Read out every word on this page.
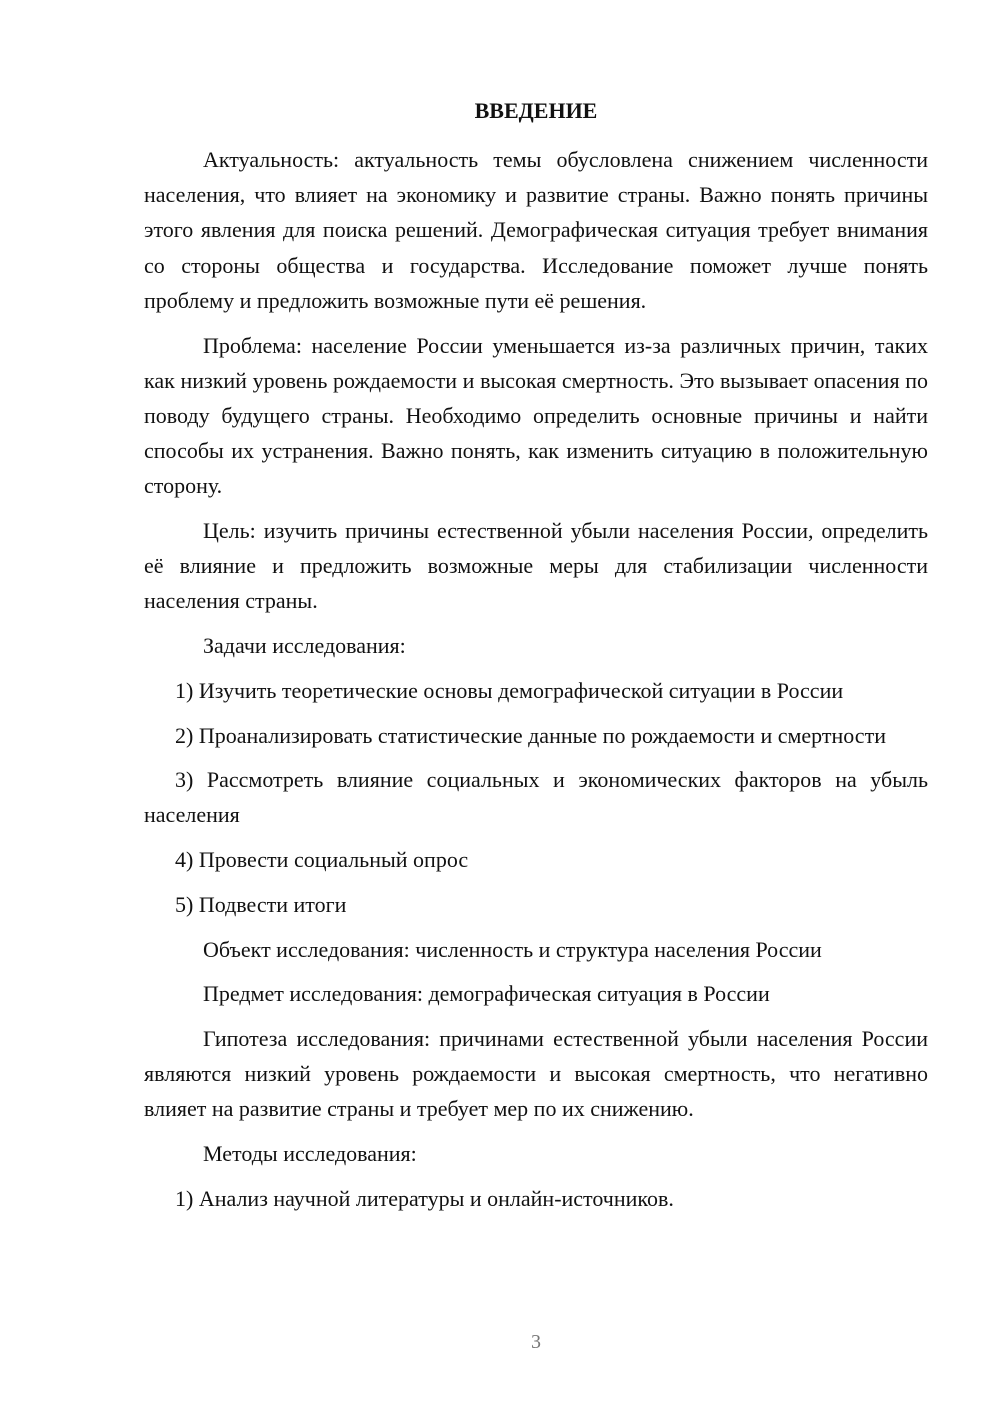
ВВЕДЕНИЕ

Актуальность: актуальность темы обусловлена снижением численности населения, что влияет на экономику и развитие страны. Важно понять причины этого явления для поиска решений. Демографическая ситуация требует внимания со стороны общества и государства. Исследование поможет лучше понять проблему и предложить возможные пути её решения.

Проблема: население России уменьшается из-за различных причин, таких как низкий уровень рождаемости и высокая смертность. Это вызывает опасения по поводу будущего страны. Необходимо определить основные причины и найти способы их устранения. Важно понять, как изменить ситуацию в положительную сторону.

Цель: изучить причины естественной убыли населения России, определить её влияние и предложить возможные меры для стабилизации численности населения страны.

Задачи исследования:

1) Изучить теоретические основы демографической ситуации в России

2) Проанализировать статистические данные по рождаемости и смертности

3) Рассмотреть влияние социальных и экономических факторов на убыль населения

4) Провести социальный опрос

5) Подвести итоги

Объект исследования: численность и структура населения России

Предмет исследования: демографическая ситуация в России

Гипотеза исследования: причинами естественной убыли населения России являются низкий уровень рождаемости и высокая смертность, что негативно влияет на развитие страны и требует мер по их снижению.

Методы исследования:

1) Анализ научной литературы и онлайн-источников.

3
